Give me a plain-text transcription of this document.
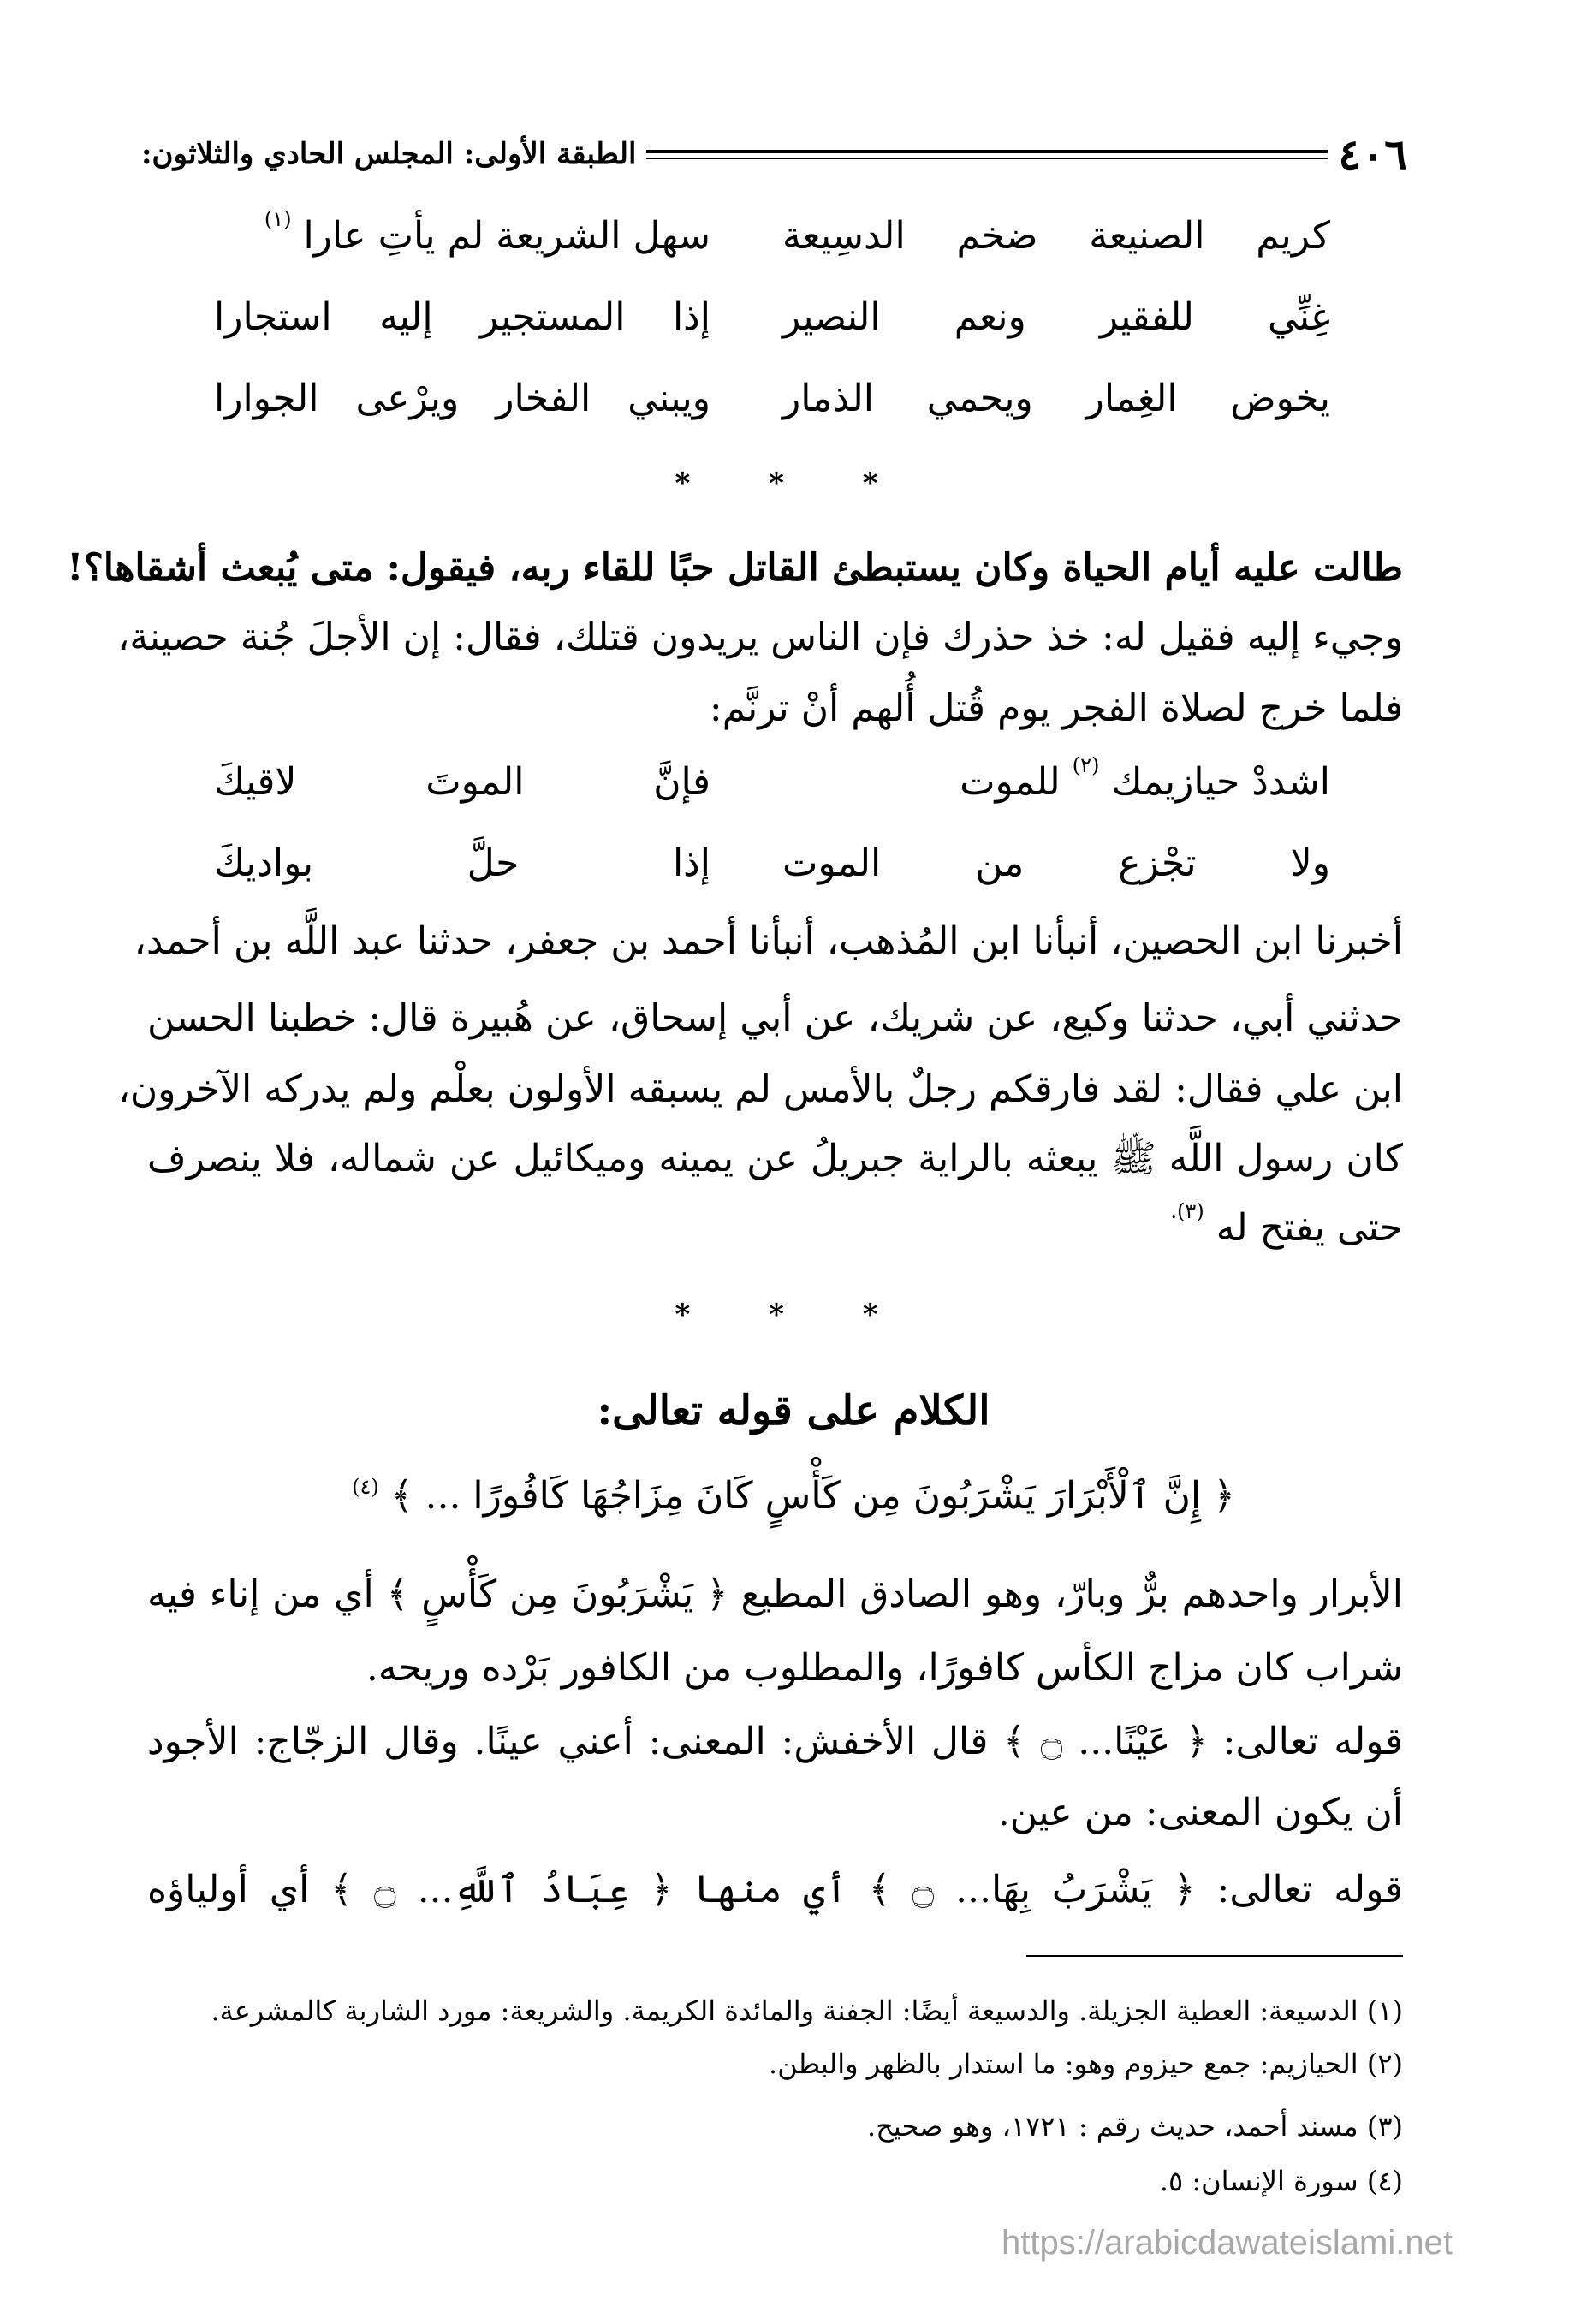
٤٠٦
الطبقة الأولى: المجلس الحادي والثلاثون:
كريم الصنيعة ضخم الدسِيعة
سهل الشريعة لم يأتِ عارا $^{(١)}$
غِنِّي للفقير ونعم النصير
إذا المستجير إليه استجارا
يخوض الغِمار ويحمي الذمار
ويبني الفخار ويرْعى الجوارا
* * *
طالت عليه أيام الحياة وكان يستبطئ القاتل حبًا للقاء ربه، فيقول: متى يُبعث أشقاها؟!
وجيء إليه فقيل له: خذ حذرك فإن الناس يريدون قتلك، فقال: إن الأجلَ جُنة حصينة،
فلما خرج لصلاة الفجر يوم قُتل أُلهم أنْ ترنَّم:
اشددْ حيازيمك $^{(٢)}$ للموت
فإنَّ الموتَ لاقيكَ
ولا تجْزع من الموت
إذا حلَّ بواديكَ
أخبرنا ابن الحصين، أنبأنا ابن المُذهب، أنبأنا أحمد بن جعفر، حدثنا عبد اللَّه بن أحمد،
حدثني أبي، حدثنا وكيع، عن شريك، عن أبي إسحاق، عن هُبيرة قال: خطبنا الحسن
ابن علي فقال: لقد فارقكم رجلٌ بالأمس لم يسبقه الأولون بعلْم ولم يدركه الآخرون،
كان رسول اللَّه ﷺ يبعثه بالراية جبريلُ عن يمينه وميكائيل عن شماله، فلا ينصرف
حتى يفتح له $^{(٣).}$
* * *
الكلام على قوله تعالى:
﴿ إِنَّ ٱلْأَبْرَارَ يَشْرَبُونَ مِن كَأْسٍ كَانَ مِزَاجُهَا كَافُورًا ... ﴾ $^{(٤)}$
الأبرار واحدهم برٌّ وبارّ، وهو الصادق المطيع ﴿ يَشْرَبُونَ مِن كَأْسٍ ﴾ أي من إناء فيه
شراب كان مزاج الكأس كافورًا، والمطلوب من الكافور بَرْده وريحه.
قوله تعالى: ﴿ عَيْنًا... ۝ ﴾ قال الأخفش: المعنى: أعني عينًا. وقال الزجّاج: الأجود
أن يكون المعنى: من عين.
قوله تعالى: ﴿ يَشْرَبُ بِهَا... ۝ ﴾ أي منها ﴿ عِبَادُ ٱللَّهِ... ۝ ﴾ أي أولياؤه
(١) الدسيعة: العطية الجزيلة. والدسيعة أيضًا: الجفنة والمائدة الكريمة. والشريعة: مورد الشاربة كالمشرعة.
(٢) الحيازيم: جمع حيزوم وهو: ما استدار بالظهر والبطن.
(٣) مسند أحمد، حديث رقم : ١٧٢١، وهو صحيح.
(٤) سورة الإنسان: ٥.
https://arabicdawateislami.net
